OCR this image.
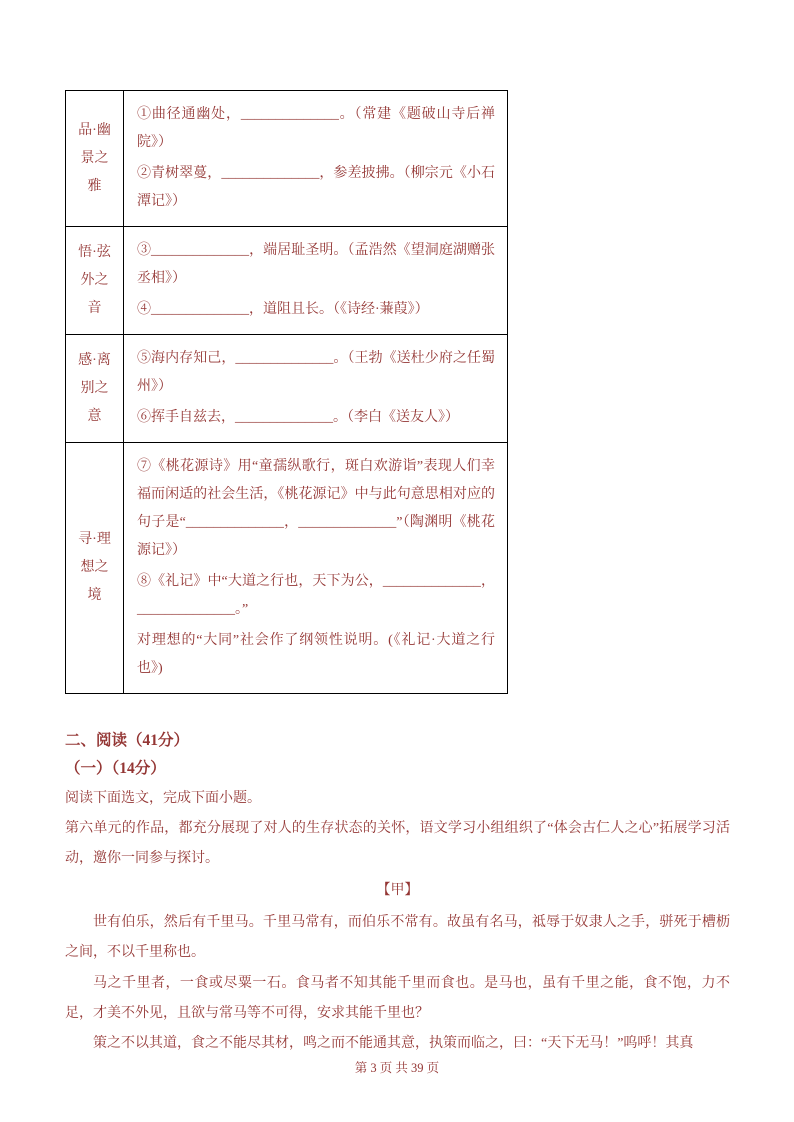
品·幽景之雅	①曲径通幽处，______________。（常建《题破山寺后禅院》）

②青树翠蔓，______________，参差披拂。（柳宗元《小石潭记》）

悟·弦外之音	③______________，端居耻圣明。（孟浩然《望洞庭湖赠张丞相》）

④______________，道阻且长。（《诗经·蒹葭》）

感·离别之意	⑤海内存知己，______________。（王勃《送杜少府之任蜀州》）

⑥挥手自兹去，______________。（李白《送友人》）

寻·理想之境	⑦《桃花源诗》用“童孺纵歌行，斑白欢游诣”表现人们幸福而闲适的社会生活，《桃花源记》中与此句意思相对应的句子是“______________，______________”（陶渊明《桃花源记》）

⑧《礼记》中“大道之行也，天下为公，______________，______________。”

对理想的“大同”社会作了纲领性说明。(《礼记·大道之行也》)

二、阅读（41分）
（一）（14分）

阅读下面选文，完成下面小题。

第六单元的作品，都充分展现了对人的生存状态的关怀，语文学习小组组织了“体会古仁人之心”拓展学习活动，邀你一同参与探讨。

【甲】

世有伯乐，然后有千里马。千里马常有，而伯乐不常有。故虽有名马，祗辱于奴隶人之手，骈死于槽枥之间，不以千里称也。

马之千里者，一食或尽粟一石。食马者不知其能千里而食也。是马也，虽有千里之能，食不饱，力不足，才美不外见，且欲与常马等不可得，安求其能千里也？

策之不以其道，食之不能尽其材，鸣之而不能通其意，执策而临之，曰：“天下无马！”呜呼！其真

第 3 页 共 39 页
